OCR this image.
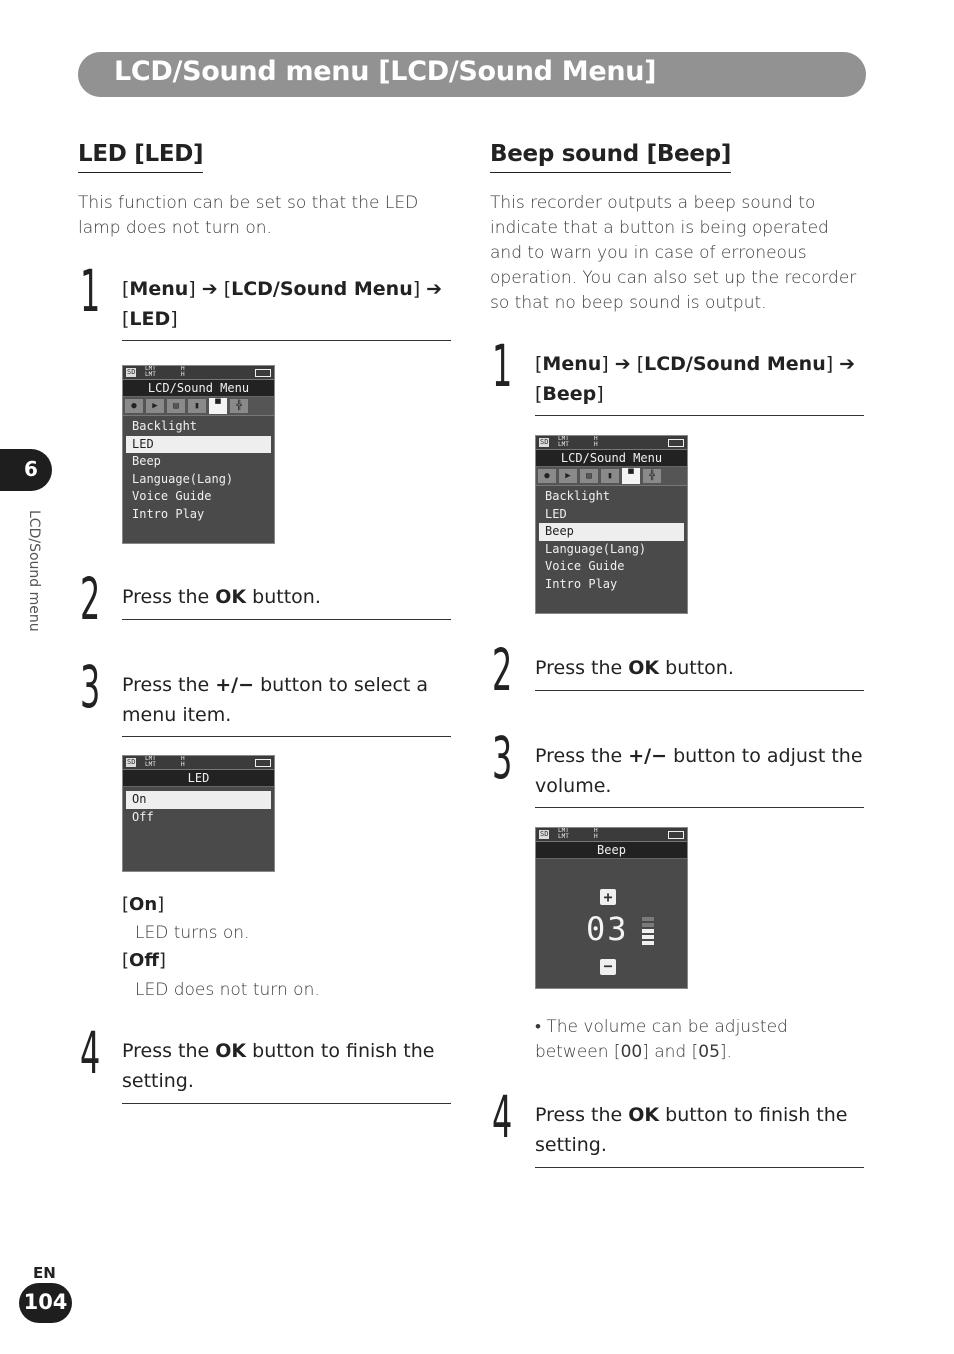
LCD/Sound menu [LCD/Sound Menu]
6
LCD/Sound menu
LED [LED]
This function can be set so that the LED lamp does not turn on.
1 [Menu] ➔ [LCD/Sound Menu] ➔
[LED]
SD LMT
LMT
H
H
LCD/Sound Menu
●	▶	▤	▮	▀	╬
Backlight
LED
Beep
Language(Lang)
Voice Guide
Intro Play
2 Press the OK button.
3 Press the +/− button to select a menu item.
SD LMT
LMT
H
H
LED
On
Off
[On]
LED turns on.
[Off]
LED does not turn on.
4 Press the OK button to finish the setting.
Beep sound [Beep]
This recorder outputs a beep sound to indicate that a button is being operated and to warn you in case of erroneous operation. You can also set up the recorder so that no beep sound is output.
1 [Menu] ➔ [LCD/Sound Menu] ➔
[Beep]
SD LMT
LMT
H
H
LCD/Sound Menu
●	▶	▤	▮	▀	╬
Backlight
LED
Beep
Language(Lang)
Voice Guide
Intro Play
2 Press the OK button.
3 Press the +/− button to adjust the volume.
SD LMT
LMT
H
H
Beep
+
03
−
• The volume can be adjusted between [00] and [05].
4 Press the OK button to finish the setting.
EN
104
